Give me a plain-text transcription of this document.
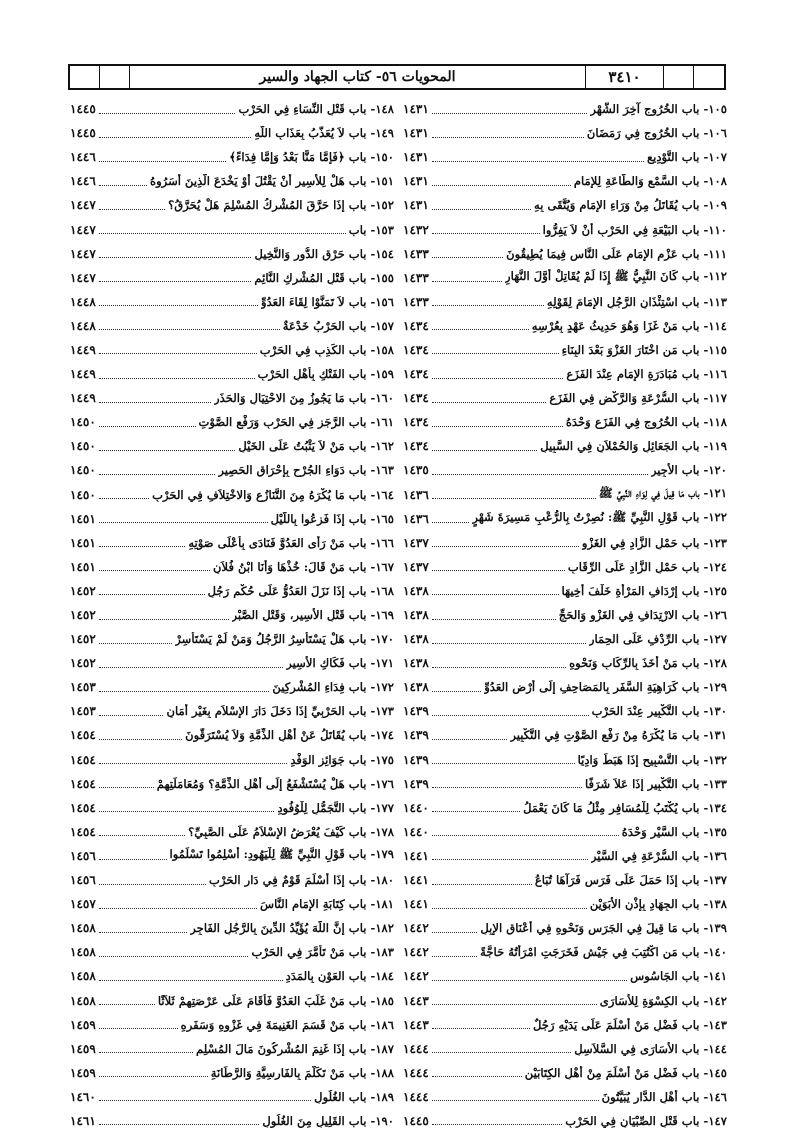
٣٤١٠
المحويات ٥٦- كتاب الجهاد والسير
١٠٥- باب الخُرُوجِ آخِرَ الشَّهْرِ
١٤٣١
١٠٦- باب الخُرُوجِ فِي رَمَضَانَ
١٤٣١
١٠٧- باب التَّوْدِيعِ
١٤٣١
١٠٨- باب السَّمْعِ وَالطَّاعَةِ لِلإِمَامِ
١٤٣١
١٠٩- باب يُقَاتَلُ مِنْ وَرَاءِ الإِمَامِ وَيُتَّقَى بِهِ
١٤٣١
١١٠- باب البَيْعَةِ فِي الحَرْبِ أَنْ لاَ يَفِرُّوا
١٤٣٢
١١١- باب عَزْمِ الإِمَامِ عَلَى النَّاسِ فِيمَا يُطِيقُونَ
١٤٣٣
١١٢- باب كَانَ النَّبِيُّ ﷺ إِذَا لَمْ يُقَاتِلْ أَوَّلَ النَّهَارِ
١٤٣٣
١١٣- باب اسْتِئْذَانِ الرَّجُلِ الإِمَامَ لِقَوْلِهِ
١٤٣٣
١١٤- باب مَنْ غَزَا وَهُوَ حَدِيثُ عَهْدٍ بِعُرْسِهِ
١٤٣٤
١١٥- باب مَنِ اخْتَارَ الغَزْوَ بَعْدَ البِنَاءِ
١٤٣٤
١١٦- باب مُبَادَرَةِ الإِمَامِ عِنْدَ الفَزَعِ
١٤٣٤
١١٧- باب السُّرْعَةِ وَالرَّكْضِ فِي الفَزَعِ
١٤٣٤
١١٨- باب الخُرُوجِ فِي الفَزَعِ وَحْدَهُ
١٤٣٤
١١٩- باب الجَعَائِلِ وَالحُمْلاَنِ فِي السَّبِيلِ
١٤٣٤
١٢٠- باب الأَجِيرِ
١٤٣٥
١٢١- باب مَا قِيلَ فِي لِوَاءِ النَّبِيِّ ﷺ
١٤٣٦
١٢٢- باب قَوْلِ النَّبِيِّ ﷺ: نُصِرْتُ بِالرُّعْبِ مَسِيرَةَ شَهْرٍ
١٤٣٦
١٢٣- باب حَمْلِ الزَّادِ فِي الغَزْوِ
١٤٣٧
١٢٤- باب حَمْلِ الزَّادِ عَلَى الرِّقَابِ
١٤٣٧
١٢٥- باب إِرْدَافِ المَرْأَةِ خَلْفَ أَخِيهَا
١٤٣٨
١٢٦- باب الارْتِدَافِ فِي الغَزْوِ وَالحَجِّ
١٤٣٨
١٢٧- باب الرِّدْفِ عَلَى الحِمَارِ
١٤٣٨
١٢٨- باب مَنْ أَخَذَ بِالرِّكَابِ وَنَحْوِهِ
١٤٣٨
١٢٩- باب كَرَاهِيَةِ السَّفَرِ بِالمَصَاحِفِ إِلَى أَرْضِ العَدُوِّ
١٤٣٨
١٣٠- باب التَّكْبِيرِ عِنْدَ الحَرْبِ
١٤٣٩
١٣١- باب مَا يُكْرَهُ مِنْ رَفْعِ الصَّوْتِ فِي التَّكْبِيرِ
١٤٣٩
١٣٢- باب التَّسْبِيحِ إِذَا هَبَطَ وَادِيًا
١٤٣٩
١٣٣- باب التَّكْبِيرِ إِذَا عَلاَ شَرَفًا
١٤٣٩
١٣٤- باب يُكْتَبُ لِلْمُسَافِرِ مِثْلُ مَا كَانَ يَعْمَلُ
١٤٤٠
١٣٥- باب السَّيْرِ وَحْدَهُ
١٤٤٠
١٣٦- باب السُّرْعَةِ فِي السَّيْرِ
١٤٤١
١٣٧- باب إِذَا حَمَلَ عَلَى فَرَسٍ فَرَآهَا تُبَاعُ
١٤٤١
١٣٨- باب الجِهَادِ بِإِذْنِ الأَبَوَيْنِ
١٤٤١
١٣٩- باب مَا قِيلَ فِي الجَرَسِ وَنَحْوِهِ فِي أَعْنَاقِ الإِبِلِ
١٤٤٢
١٤٠- باب مَنِ اكْتُتِبَ فِي جَيْشٍ فَخَرَجَتِ امْرَأَتُهُ حَاجَّةً
١٤٤٢
١٤١- باب الجَاسُوسِ
١٤٤٢
١٤٢- باب الكِسْوَةِ لِلأُسَارَى
١٤٤٣
١٤٣- باب فَضْلِ مَنْ أَسْلَمَ عَلَى يَدَيْهِ رَجُلٌ
١٤٤٣
١٤٤- باب الأُسَارَى فِي السَّلاَسِلِ
١٤٤٤
١٤٥- باب فَضْلِ مَنْ أَسْلَمَ مِنْ أَهْلِ الكِتَابَيْنِ
١٤٤٤
١٤٦- باب أَهْلِ الدَّارِ يُبَيَّتُونَ
١٤٤٤
١٤٧- باب قَتْلِ الصِّبْيَانِ فِي الحَرْبِ
١٤٤٥
١٤٨- باب قَتْلِ النِّسَاءِ فِي الحَرْبِ
١٤٤٥
١٤٩- باب لاَ يُعَذَّبُ بِعَذَابِ اللَّهِ
١٤٤٥
١٥٠- باب ﴿فَإِمَّا مَنًّا بَعْدُ وَإِمَّا فِدَاءً﴾
١٤٤٦
١٥١- باب هَلْ لِلأَسِيرِ أَنْ يَقْتُلَ أَوْ يَخْدَعَ الَّذِينَ أَسَرُوهُ
١٤٤٦
١٥٢- باب إِذَا حَرَّقَ المُشْرِكُ المُسْلِمَ هَلْ يُحَرَّقُ؟
١٤٤٧
١٥٣- باب
١٤٤٧
١٥٤- باب حَرْقِ الدُّورِ وَالنَّخِيلِ
١٤٤٧
١٥٥- باب قَتْلِ المُشْرِكِ النَّائِمِ
١٤٤٧
١٥٦- باب لاَ تَمَنَّوْا لِقَاءَ العَدُوِّ
١٤٤٨
١٥٧- باب الحَرْبُ خَدْعَةٌ
١٤٤٨
١٥٨- باب الكَذِبِ فِي الحَرْبِ
١٤٤٩
١٥٩- باب الفَتْكِ بِأَهْلِ الحَرْبِ
١٤٤٩
١٦٠- باب مَا يَجُوزُ مِنَ الاحْتِيَالِ وَالحَذَرِ
١٤٤٩
١٦١- باب الرَّجَزِ فِي الحَرْبِ وَرَفْعِ الصَّوْتِ
١٤٥٠
١٦٢- باب مَنْ لاَ يَثْبُتُ عَلَى الخَيْلِ
١٤٥٠
١٦٣- باب دَوَاءِ الجُرْحِ بِإِحْرَاقِ الحَصِيرِ
١٤٥٠
١٦٤- باب مَا يُكْرَهُ مِنَ التَّنَازُعِ وَالاخْتِلاَفِ فِي الحَرْبِ
١٤٥٠
١٦٥- باب إِذَا فَزِعُوا بِاللَّيْلِ
١٤٥١
١٦٦- باب مَنْ رَأَى العَدُوَّ فَنَادَى بِأَعْلَى صَوْتِهِ
١٤٥١
١٦٧- باب مَنْ قَالَ: خُذْهَا وَأَنَا ابْنُ فُلاَنٍ
١٤٥١
١٦٨- باب إِذَا نَزَلَ العَدُوُّ عَلَى حُكْمِ رَجُلٍ
١٤٥٢
١٦٩- باب قَتْلِ الأَسِيرِ، وَقَتْلِ الصَّبْرِ
١٤٥٢
١٧٠- باب هَلْ يَسْتَأْسِرُ الرَّجُلُ وَمَنْ لَمْ يَسْتَأْسِرْ
١٤٥٢
١٧١- باب فَكَاكِ الأَسِيرِ
١٤٥٢
١٧٢- باب فِدَاءِ المُشْرِكِينَ
١٤٥٣
١٧٣- باب الحَرْبِيِّ إِذَا دَخَلَ دَارَ الإِسْلاَمِ بِغَيْرِ أَمَانٍ
١٤٥٣
١٧٤- باب يُقَاتَلُ عَنْ أَهْلِ الذِّمَّةِ وَلاَ يُسْتَرَقُّونَ
١٤٥٤
١٧٥- باب جَوَائِزِ الوَفْدِ
١٤٥٤
١٧٦- باب هَلْ يُسْتَشْفَعُ إِلَى أَهْلِ الذِّمَّةِ؟ وَمُعَامَلَتِهِمْ
١٤٥٤
١٧٧- باب التَّجَمُّلِ لِلْوُفُودِ
١٤٥٤
١٧٨- باب كَيْفَ يُعْرَضُ الإِسْلاَمُ عَلَى الصَّبِيِّ؟
١٤٥٤
١٧٩- باب قَوْلِ النَّبِيِّ ﷺ لِلْيَهُودِ: أَسْلِمُوا تَسْلَمُوا
١٤٥٦
١٨٠- باب إِذَا أَسْلَمَ قَوْمٌ فِي دَارِ الحَرْبِ
١٤٥٦
١٨١- باب كِتَابَةِ الإِمَامِ النَّاسَ
١٤٥٧
١٨٢- باب إِنَّ اللَّهَ يُؤَيِّدُ الدِّينَ بِالرَّجُلِ الفَاجِرِ
١٤٥٨
١٨٣- باب مَنْ تَأَمَّرَ فِي الحَرْبِ
١٤٥٨
١٨٤- باب العَوْنِ بِالمَدَدِ
١٤٥٨
١٨٥- باب مَنْ غَلَبَ العَدُوَّ فَأَقَامَ عَلَى عَرْصَتِهِمْ ثَلاَثًا
١٤٥٨
١٨٦- باب مَنْ قَسَمَ الغَنِيمَةَ فِي غَزْوِهِ وَسَفَرِهِ
١٤٥٩
١٨٧- باب إِذَا غَنِمَ المُشْرِكُونَ مَالَ المُسْلِمِ
١٤٥٩
١٨٨- باب مَنْ تَكَلَّمَ بِالفَارِسِيَّةِ وَالرَّطَانَةِ
١٤٥٩
١٨٩- باب الغُلُولِ
١٤٦٠
١٩٠- باب القَلِيلِ مِنَ الغُلُولِ
١٤٦١
